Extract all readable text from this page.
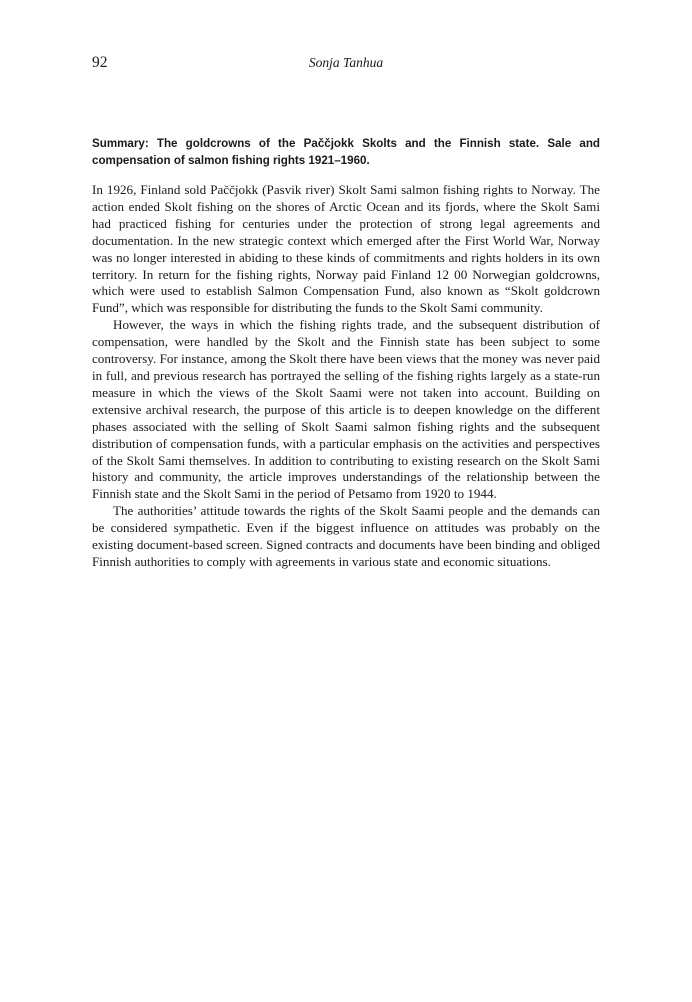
92	Sonja Tanhua
Summary: The goldcrowns of the Paččjokk Skolts and the Finnish state. Sale and compensation of salmon fishing rights 1921–1960.

In 1926, Finland sold Paččjokk (Pasvik river) Skolt Sami salmon fishing rights to Norway. The action ended Skolt fishing on the shores of Arctic Ocean and its fjords, where the Skolt Sami had practiced fishing for centuries under the protection of strong legal agreements and documentation. In the new strategic context which emerged after the First World War, Norway was no longer interested in abiding to these kinds of commitments and rights holders in its own territory. In return for the fishing rights, Norway paid Finland 12 00 Norwegian goldcrowns, which were used to establish Salmon Compensation Fund, also known as “Skolt goldcrown Fund”, which was responsible for distributing the funds to the Skolt Sami community.

However, the ways in which the fishing rights trade, and the subsequent distribution of compensation, were handled by the Skolt and the Finnish state has been subject to some controversy. For instance, among the Skolt there have been views that the money was never paid in full, and previous research has portrayed the selling of the fishing rights largely as a state-run measure in which the views of the Skolt Saami were not taken into account. Building on extensive archival research, the purpose of this article is to deepen knowledge on the different phases associated with the selling of Skolt Saami salmon fishing rights and the subsequent distribution of compensation funds, with a particular emphasis on the activities and perspectives of the Skolt Sami themselves. In addition to contributing to existing research on the Skolt Sami history and community, the article improves understandings of the relationship between the Finnish state and the Skolt Sami in the period of Petsamo from 1920 to 1944.

The authorities’ attitude towards the rights of the Skolt Saami people and the demands can be considered sympathetic. Even if the biggest influence on attitudes was probably on the existing document-based screen. Signed contracts and documents have been binding and obliged Finnish authorities to comply with agreements in various state and economic situations.
